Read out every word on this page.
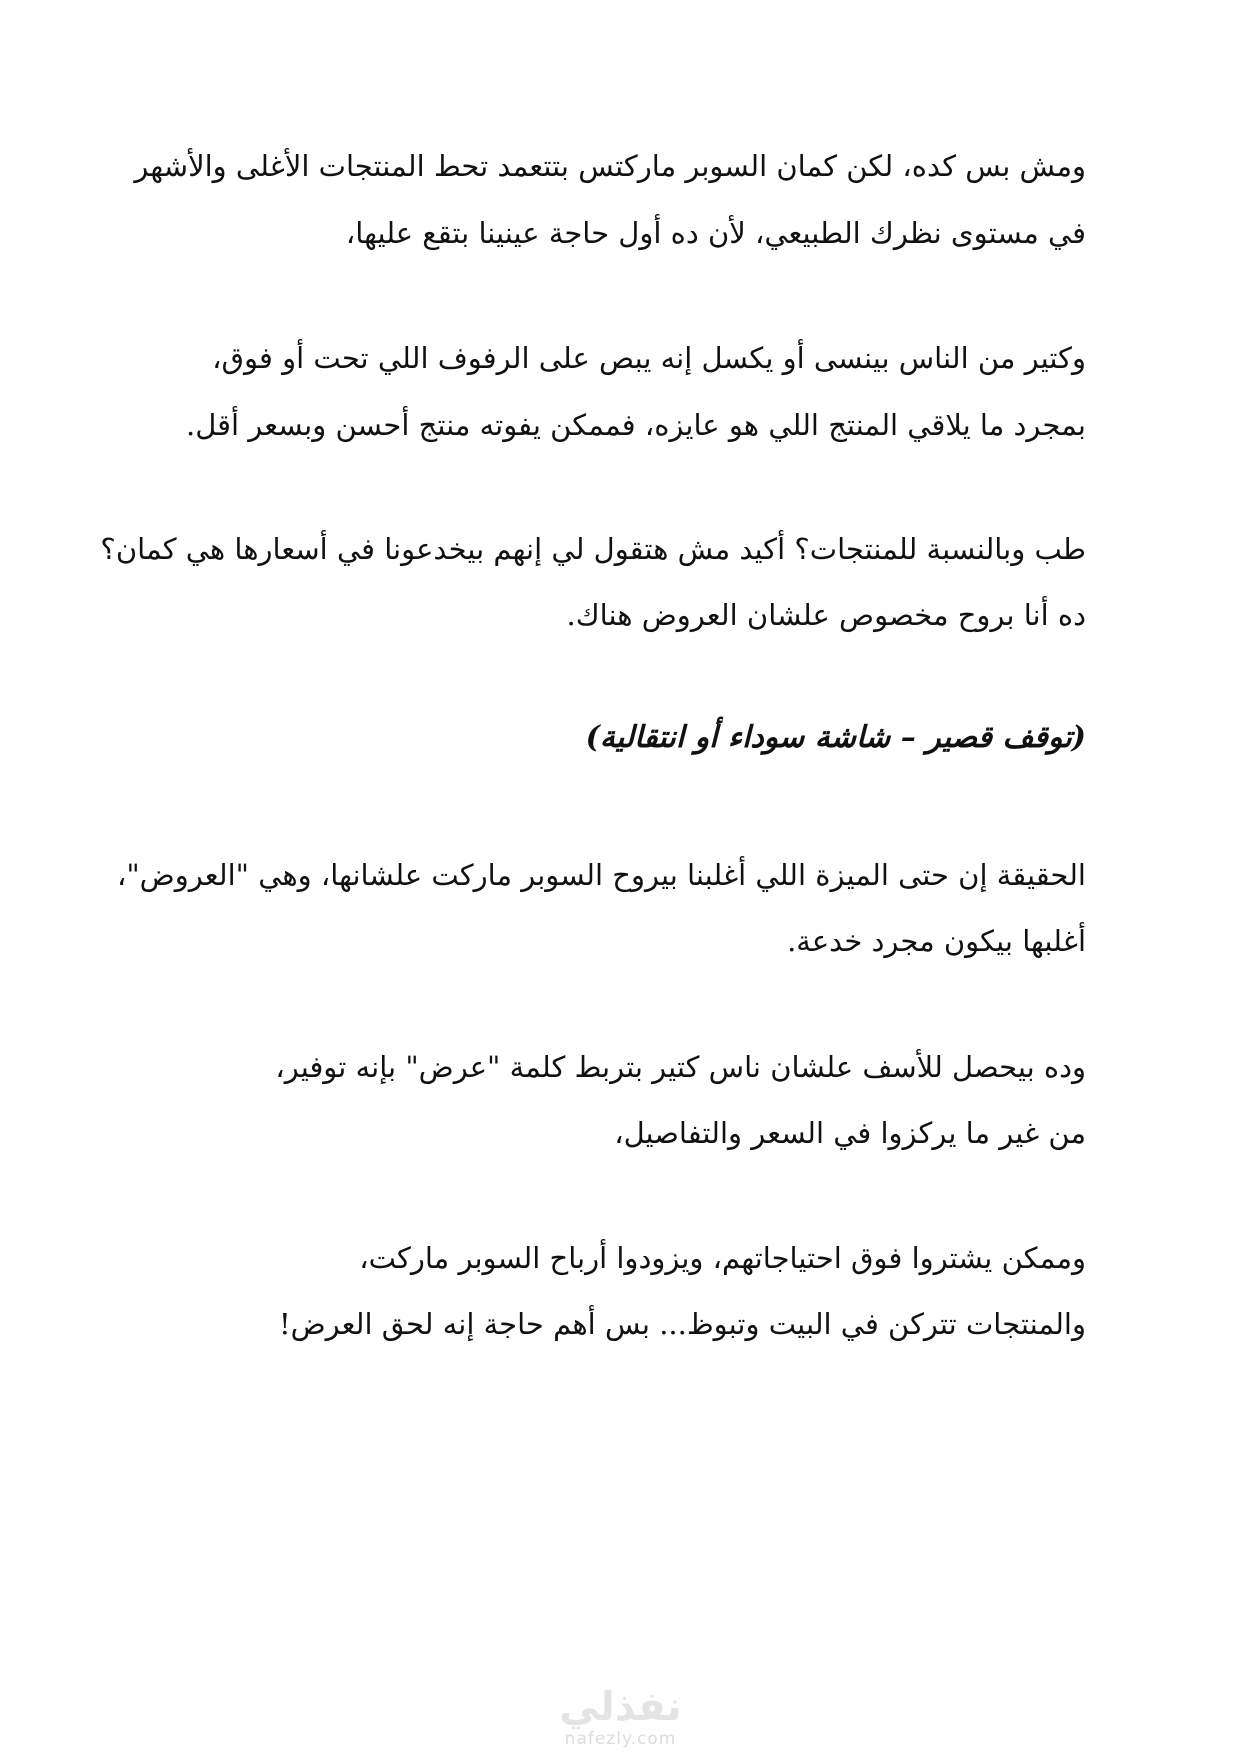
ومش بس كده، لكن كمان السوبر ماركتس بتتعمد تحط المنتجات الأغلى والأشهر

في مستوى نظرك الطبيعي، لأن ده أول حاجة عينينا بتقع عليها،

وكتير من الناس بينسى أو يكسل إنه يبص على الرفوف اللي تحت أو فوق،

بمجرد ما يلاقي المنتج اللي هو عايزه، فممكن يفوته منتج أحسن وبسعر أقل.

طب وبالنسبة للمنتجات؟ أكيد مش هتقول لي إنهم بيخدعونا في أسعارها هي كمان؟

ده أنا بروح مخصوص علشان العروض هناك.

(توقف قصير – شاشة سوداء أو انتقالية)

الحقيقة إن حتى الميزة اللي أغلبنا بيروح السوبر ماركت علشانها، وهي "العروض"،

أغلبها بيكون مجرد خدعة.

وده بيحصل للأسف علشان ناس كتير بتربط كلمة "عرض" بإنه توفير،

من غير ما يركزوا في السعر والتفاصيل،

وممكن يشتروا فوق احتياجاتهم، ويزودوا أرباح السوبر ماركت،

والمنتجات تتركن في البيت وتبوظ... بس أهم حاجة إنه لحق العرض!

نفذلي
nafezly.com
